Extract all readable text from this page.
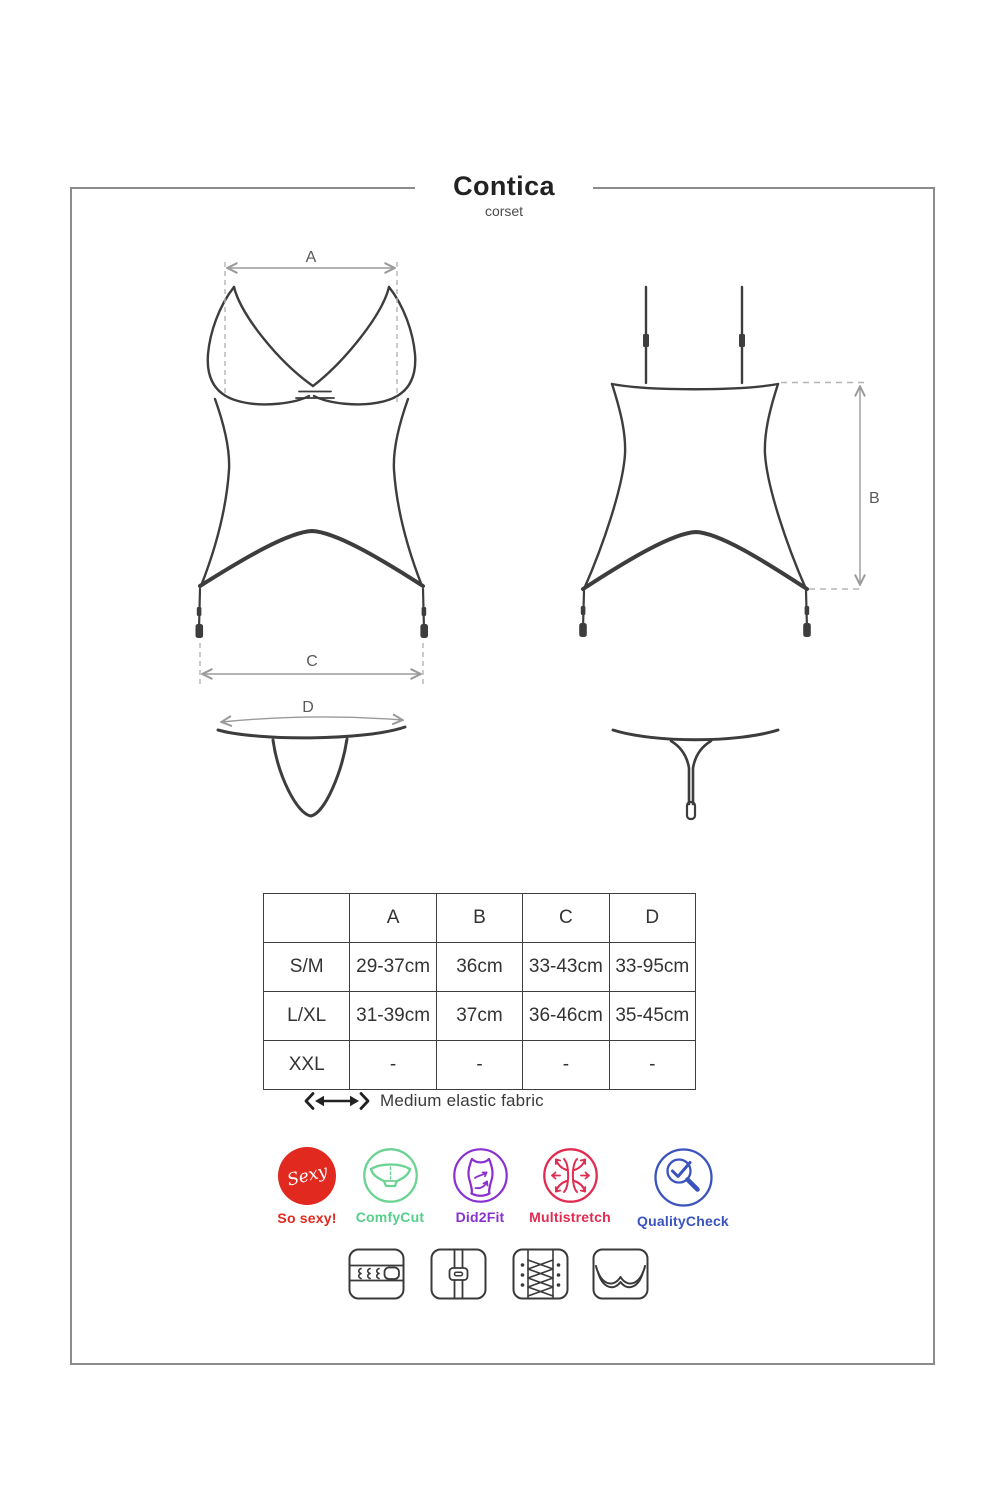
Contica
corset
A
C
B
D
	A	B	C	D
S/M	29-37cm	36cm	33-43cm	33-95cm
L/XL	31-39cm	37cm	36-46cm	35-45cm
XXL	-	-	-	-
Medium elastic fabric
Sexy
So sexy! ComfyCut Did2Fit Multistretch QualityCheck
